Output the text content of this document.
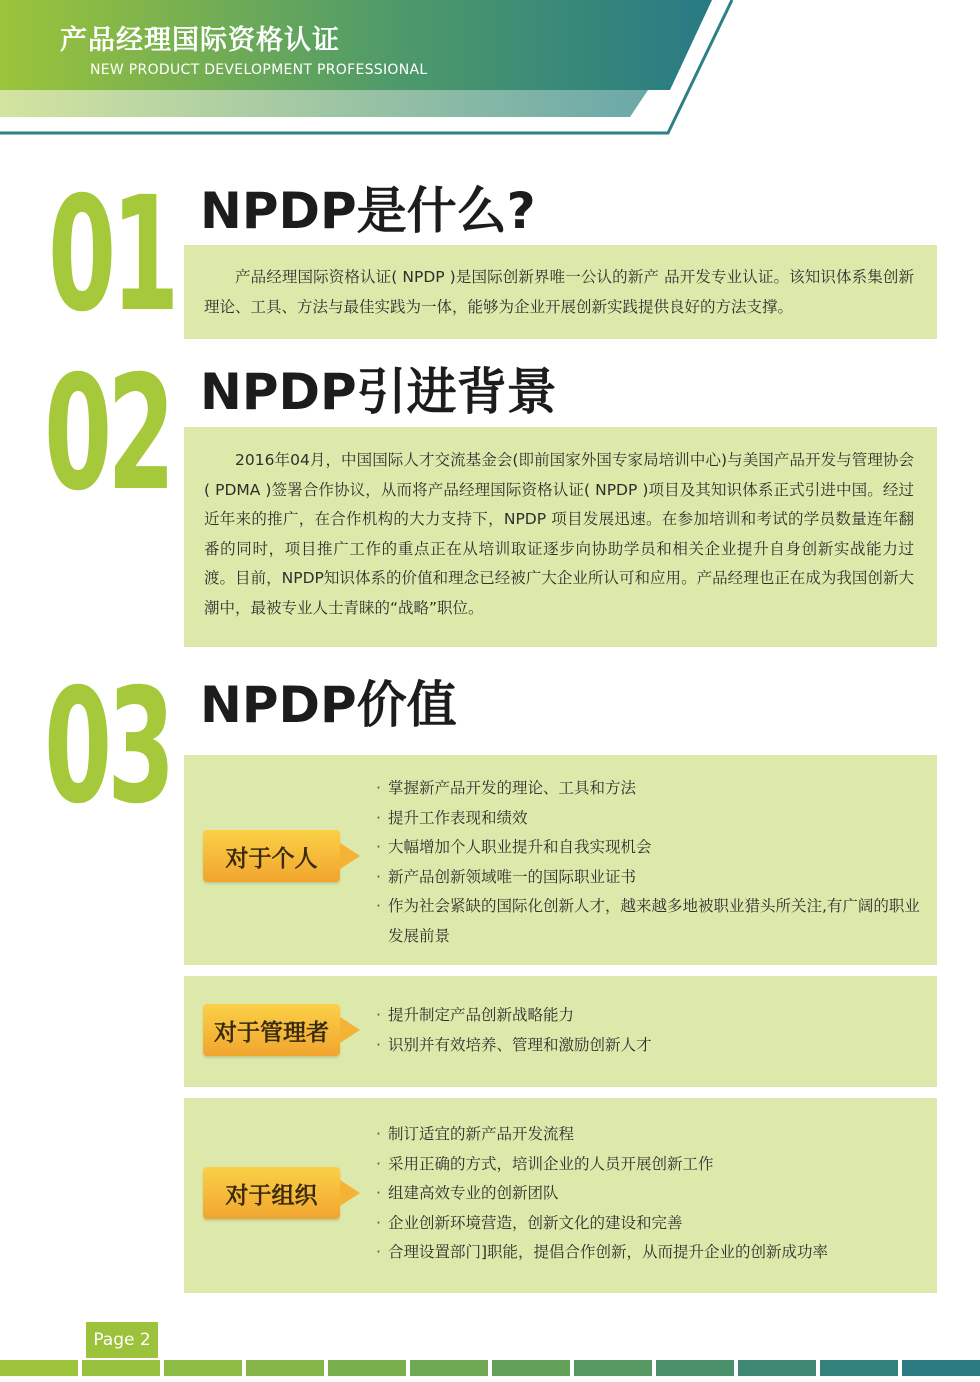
产品经理国际资格认证
NEW PRODUCT DEVELOPMENT PROFESSIONAL
01 NPDP是什么?

产品经理国际资格认证( NPDP )是国际创新界唯一公认的新产 品开发专业认证。该知识体系集创新理论、工具、方法与最佳实践为一体，能够为企业开展创新实践提供良好的方法支撑。

02 NPDP引进背景

2016年04月，中国国际人才交流基金会(即前国家外国专家局培训中心)与美国产品开发与管理协会( PDMA )签署合作协议，从而将产品经理国际资格认证( NPDP )项目及其知识体系正式引进中国。经过近年来的推广，在合作机构的大力支持下，NPDP 项目发展迅速。在参加培训和考试的学员数量连年翻番的同时，项目推广工作的重点正在从培训取证逐步向协助学员和相关企业提升自身创新实战能力过渡。目前，NPDP知识体系的价值和理念已经被广大企业所认可和应用。产品经理也正在成为我国创新大潮中，最被专业人士青睐的“战略”职位。

03 NPDP价值
对于个人
· 掌握新产品开发的理论、工具和方法
· 提升工作表现和绩效
· 大幅增加个人职业提升和自我实现机会
· 新产品创新领域唯一的国际职业证书
· 作为社会紧缺的国际化创新人才，越来越多地被职业猎头所关注,有广阔的职业发展前景
对于管理者
· 提升制定产品创新战略能力
· 识别并有效培养、管理和激励创新人才
对于组织
· 制订适宜的新产品开发流程
· 采用正确的方式，培训企业的人员开展创新工作
· 组建高效专业的创新团队
· 企业创新环境营造，创新文化的建设和完善
· 合理设置部门]职能，提倡合作创新，从而提升企业的创新成功率
Page 2
